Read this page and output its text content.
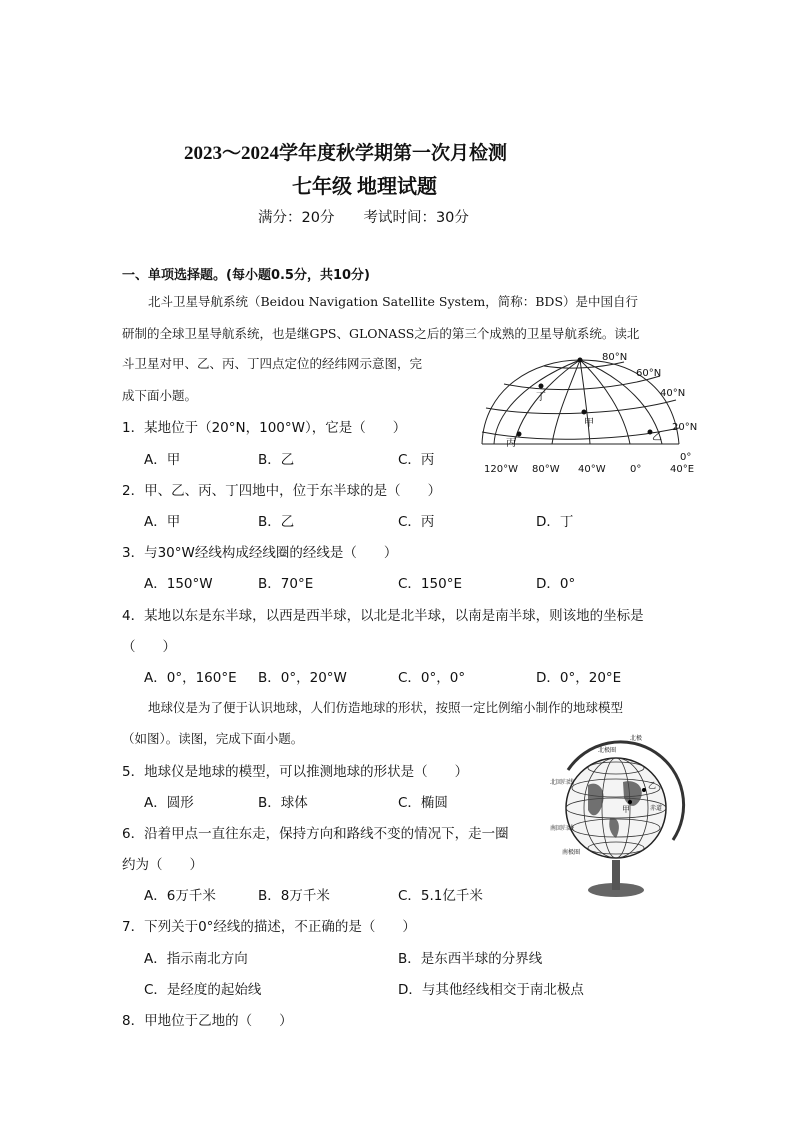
2023～2024学年度秋学期第一次月检测
七年级 地理试题
满分：20分　　考试时间：30分
一、单项选择题。(每小题0.5分，共10分)
北斗卫星导航系统（Beidou Navigation Satellite System，简称：BDS）是中国自行
研制的全球卫星导航系统，也是继GPS、GLONASS之后的第三个成熟的卫星导航系统。读北
斗卫星对甲、乙、丙、丁四点定位的经纬网示意图，完
成下面小题。
1．某地位于（20°N，100°W），它是（　　）
A．甲	B．乙	C．丙
2．甲、乙、丙、丁四地中，位于东半球的是（　　）
A．甲	B．乙	C．丙	D．丁
3．与30°W经线构成经线圈的经线是（　　）
A．150°W	B．70°E	C．150°E	D．0°
4．某地以东是东半球，以西是西半球，以北是北半球，以南是南半球，则该地的坐标是
（　　）
A．0°，160°E B．0°，20°W	C．0°，0°	D．0°，20°E
地球仪是为了便于认识地球，人们仿造地球的形状，按照一定比例缩小制作的地球模型
（如图）。读图，完成下面小题。
5．地球仪是地球的模型，可以推测地球的形状是（　　）
A．圆形	B．球体	C．椭圆
6．沿着甲点一直往东走，保持方向和路线不变的情况下，走一圈
约为（　　）
A．6万千米	B．8万千米	C．5.1亿千米
7．下列关于0°经线的描述，不正确的是（　　）
A．指示南北方向	B．是东西半球的分界线
C．是经度的起始线	D．与其他经线相交于南北极点
8．甲地位于乙地的（　　）
丁
甲
丙
乙
80°N
60°N
40°N
20°N
0°
120°W 80°W 40°W 0°	40°E
北极
北回归线
南回归线
北极圈
南极圈
赤道
甲
乙
